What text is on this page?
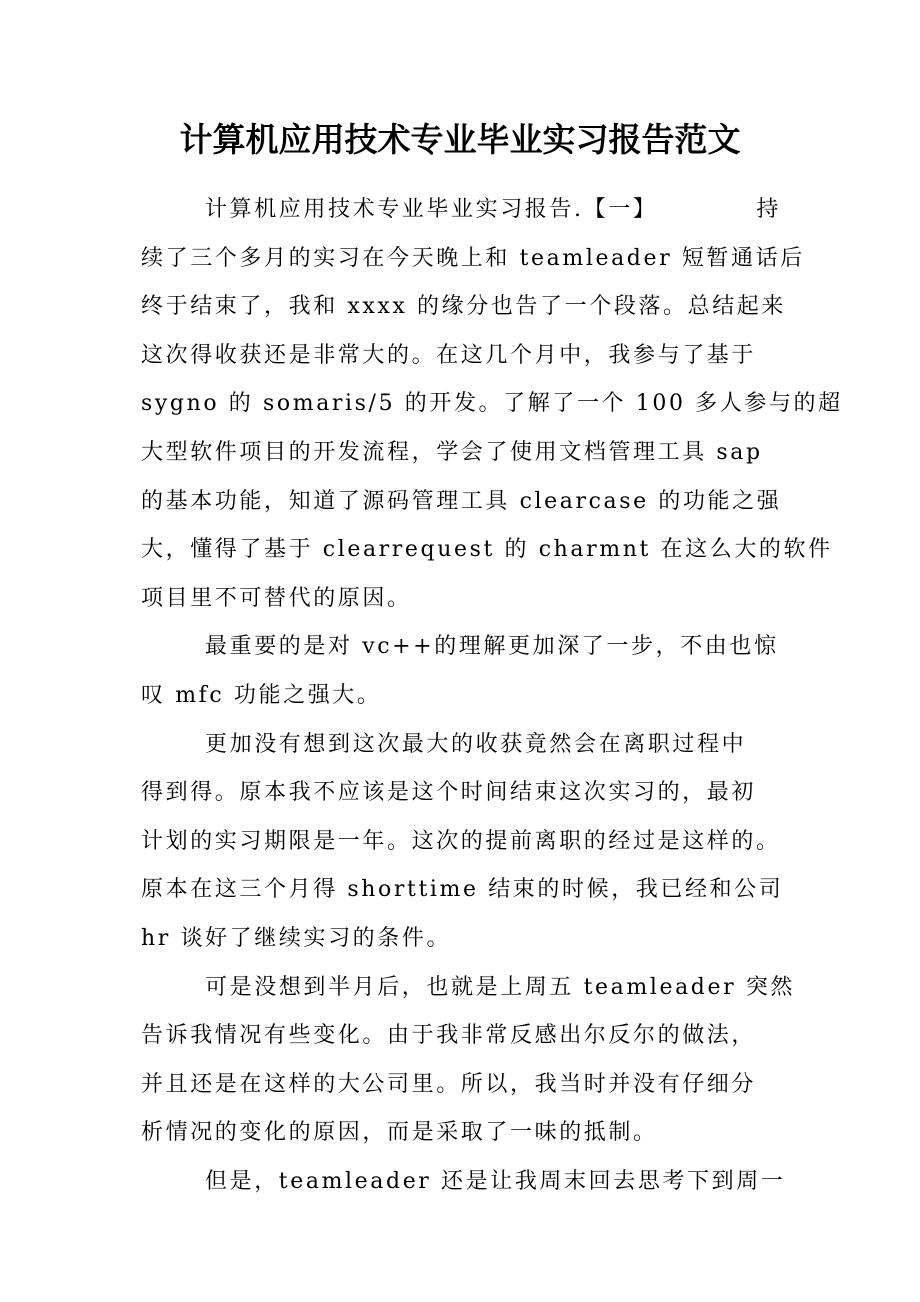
计算机应用技术专业毕业实习报告范文
计算机应用技术专业毕业实习报告.【一】	持
续了三个多月的实习在今天晚上和 teamleader 短暂通话后
终于结束了，我和 xxxx 的缘分也告了一个段落。总结起来
这次得收获还是非常大的。在这几个月中，我参与了基于
sygno 的 somaris/5 的开发。了解了一个 100 多人参与的超
大型软件项目的开发流程，学会了使用文档管理工具 sap
的基本功能，知道了源码管理工具 clearcase 的功能之强
大，懂得了基于 clearrequest 的 charmnt 在这么大的软件
项目里不可替代的原因。
最重要的是对 vc++的理解更加深了一步，不由也惊
叹 mfc 功能之强大。
更加没有想到这次最大的收获竟然会在离职过程中
得到得。原本我不应该是这个时间结束这次实习的，最初
计划的实习期限是一年。这次的提前离职的经过是这样的。
原本在这三个月得 shorttime 结束的时候，我已经和公司
hr 谈好了继续实习的条件。
可是没想到半月后，也就是上周五 teamleader 突然
告诉我情况有些变化。由于我非常反感出尔反尔的做法，
并且还是在这样的大公司里。所以，我当时并没有仔细分
析情况的变化的原因，而是采取了一味的抵制。
但是，teamleader 还是让我周末回去思考下到周一
